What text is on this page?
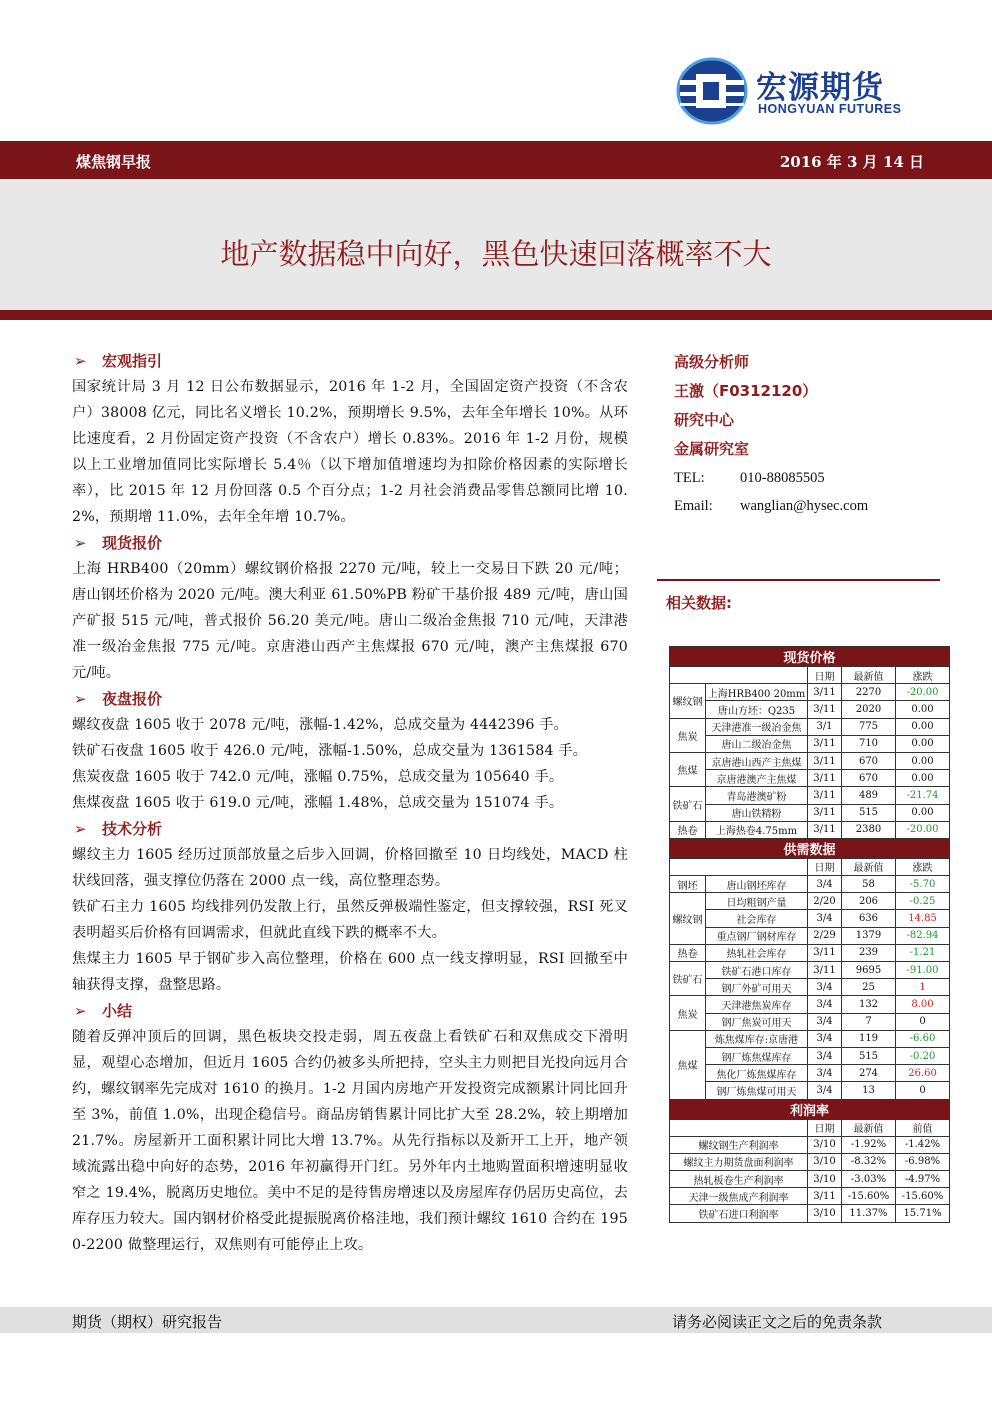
宏源期货
HONGYUAN FUTURES
煤焦钢早报	2016 年 3 月 14 日
地产数据稳中向好，黑色快速回落概率不大
➢ 宏观指引
国家统计局 3 月 12 日公布数据显示，2016 年 1-2 月，全国固定资产投资（不含农户）38008 亿元，同比名义增长 10.2%，预期增长 9.5%，去年全年增长 10%。从环比速度看，2 月份固定资产投资（不含农户）增长 0.83%。2016 年 1-2 月份，规模以上工业增加值同比实际增长 5.4％（以下增加值增速均为扣除价格因素的实际增长率），比 2015 年 12 月份回落 0.5 个百分点；1-2 月社会消费品零售总额同比增 10.2%，预期增 11.0%，去年全年增 10.7%。
➢ 现货报价
上海 HRB400（20mm）螺纹钢价格报 2270 元/吨，较上一交易日下跌 20 元/吨；唐山钢坯价格为 2020 元/吨。澳大利亚 61.50%PB 粉矿干基价报 489 元/吨，唐山国产矿报 515 元/吨，普式报价 56.20 美元/吨。唐山二级冶金焦报 710 元/吨，天津港准一级冶金焦报 775 元/吨。京唐港山西产主焦煤报 670 元/吨，澳产主焦煤报 670 元/吨。
➢ 夜盘报价
螺纹夜盘 1605 收于 2078 元/吨，涨幅-1.42%，总成交量为 4442396 手。
铁矿石夜盘 1605 收于 426.0 元/吨，涨幅-1.50%，总成交量为 1361584 手。
焦炭夜盘 1605 收于 742.0 元/吨，涨幅 0.75%，总成交量为 105640 手。
焦煤夜盘 1605 收于 619.0 元/吨，涨幅 1.48%，总成交量为 151074 手。
➢ 技术分析
螺纹主力 1605 经历过顶部放量之后步入回调，价格回撤至 10 日均线处，MACD 柱状线回落，强支撑位仍落在 2000 点一线，高位整理态势。
铁矿石主力 1605 均线排列仍发散上行，虽然反弹极端性鉴定，但支撑较强，RSI 死叉表明超买后价格有回调需求，但就此直线下跌的概率不大。
焦煤主力 1605 早于钢矿步入高位整理，价格在 600 点一线支撑明显，RSI 回撤至中轴获得支撑，盘整思路。
➢ 小结
随着反弹冲顶后的回调，黑色板块交投走弱，周五夜盘上看铁矿石和双焦成交下滑明显，观望心态增加，但近月 1605 合约仍被多头所把持，空头主力则把目光投向远月合约，螺纹钢率先完成对 1610 的换月。1-2 月国内房地产开发投资完成额累计同比回升至 3%，前值 1.0%，出现企稳信号。商品房销售累计同比扩大至 28.2%，较上期增加 21.7%。房屋新开工面积累计同比大增 13.7%。从先行指标以及新开工上开，地产领域流露出稳中向好的态势，2016 年初赢得开门红。另外年内土地购置面积增速明显收窄之 19.4%，脱离历史地位。美中不足的是待售房增速以及房屋库存仍居历史高位，去库存压力较大。国内钢材价格受此提振脱离价格洼地，我们预计螺纹 1610 合约在 1950-2200 做整理运行，双焦则有可能停止上攻。
高级分析师
王激（F0312120）
研究中心
金属研究室
TEL: 010-88085505
Email: wanglian@hysec.com
相关数据:
现货价格				
		日期	最新值	涨跌
螺纹钢	上海HRB400 20mm	3/11	2270	-20.00
	唐山方坯：Q235	3/11	2020	0.00
焦炭	天津港准一级冶金焦	3/1	775	0.00
	唐山二级冶金焦	3/11	710	0.00
焦煤	京唐港山西产主焦煤	3/11	670	0.00
	京唐港澳产主焦煤	3/11	670	0.00
铁矿石	青岛港澳矿粉	3/11	489	-21.74
	唐山铁精粉	3/11	515	0.00
热卷	上海热卷4.75mm	3/11	2380	-20.00
供需数据				
		日期	最新值	涨跌
钢坯	唐山钢坯库存	3/4	58	-5.70
螺纹钢	日均粗钢产量	2/20	206	-0.25
	社会库存	3/4	636	14.85
	重点钢厂钢材库存	2/29	1379	-82.94
热卷	热轧社会库存	3/11	239	-1.21
铁矿石	铁矿石港口库存	3/11	9695	-91.00
	钢厂外矿可用天	3/4	25	1
焦炭	天津港焦炭库存	3/4	132	8.00
	钢厂焦炭可用天	3/4	7	0
焦煤	炼焦煤库存:京唐港	3/4	119	-6.60
	钢厂炼焦煤库存	3/4	515	-0.20
	焦化厂炼焦煤库存	3/4	274	26.60
	钢厂炼焦煤可用天	3/4	13	0
利润率				
		日期	最新值	前值
螺纹钢生产利润率		3/10	-1.92%	-1.42%
螺纹主力期货盘面利润率		3/10	-8.32%	-6.98%
热轧板卷生产利润率		3/10	-3.03%	-4.97%
天津一级焦成产利润率		3/11	-15.60%	-15.60%
铁矿石进口利润率		3/10	11.37%	15.71%
期货（期权）研究报告	请务必阅读正文之后的免责条款
